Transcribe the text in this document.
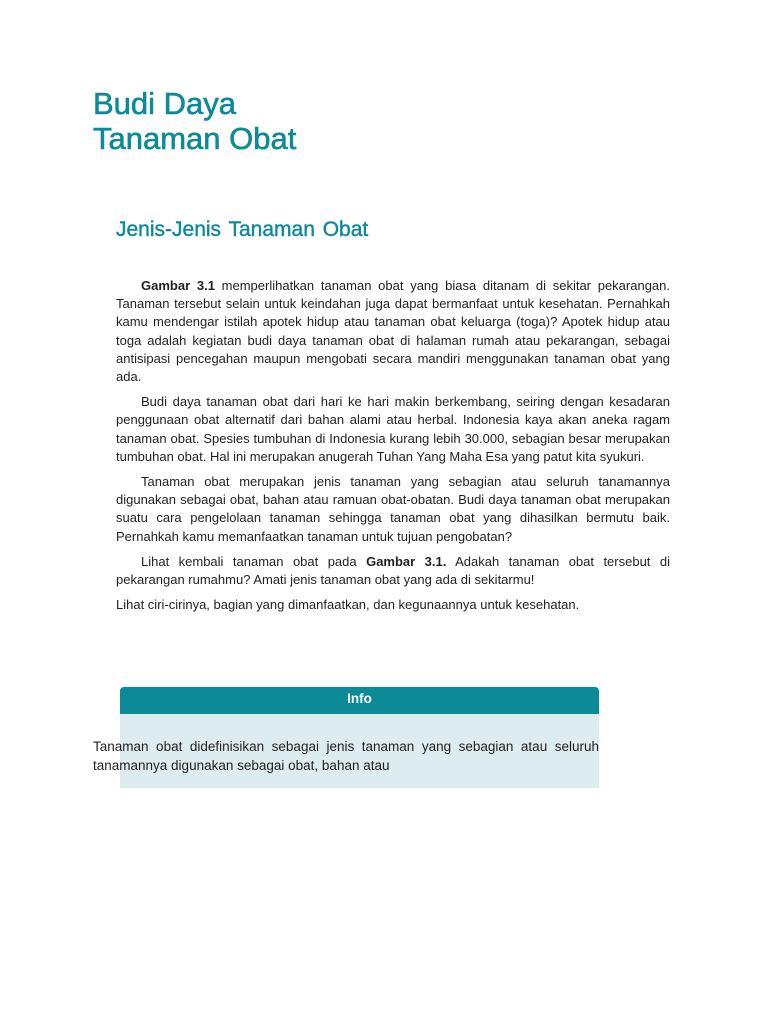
Budi Daya
Tanaman Obat
Jenis-Jenis Tanaman Obat

Gambar 3.1 memperlihatkan tanaman obat yang biasa ditanam di sekitar pekarangan. Tanaman tersebut selain untuk keindahan juga dapat bermanfaat untuk kesehatan. Pernahkah kamu mendengar istilah apotek hidup atau tanaman obat keluarga (toga)? Apotek hidup atau toga adalah kegiatan budi daya tanaman obat di halaman rumah atau pekarangan, sebagai antisipasi pencegahan maupun mengobati secara mandiri menggunakan tanaman obat yang ada.

Budi daya tanaman obat dari hari ke hari makin berkembang, seiring dengan kesadaran penggunaan obat alternatif dari bahan alami atau herbal. Indonesia kaya akan aneka ragam tanaman obat. Spesies tumbuhan di Indonesia kurang lebih 30.000, sebagian besar merupakan tumbuhan obat. Hal ini merupakan anugerah Tuhan Yang Maha Esa yang patut kita syukuri.

Tanaman obat merupakan jenis tanaman yang sebagian atau seluruh tanamannya digunakan sebagai obat, bahan atau ramuan obat-obatan. Budi daya tanaman obat merupakan suatu cara pengelolaan tanaman sehingga tanaman obat yang dihasilkan bermutu baik. Pernahkah kamu memanfaatkan tanaman untuk tujuan pengobatan?

Lihat kembali tanaman obat pada Gambar 3.1. Adakah tanaman obat tersebut di pekarangan rumahmu? Amati jenis tanaman obat yang ada di sekitarmu!

Lihat ciri-cirinya, bagian yang dimanfaatkan, dan kegunaannya untuk kesehatan.

Info
Tanaman obat didefinisikan sebagai jenis tanaman yang sebagian atau seluruh tanamannya digunakan sebagai obat, bahan atau
